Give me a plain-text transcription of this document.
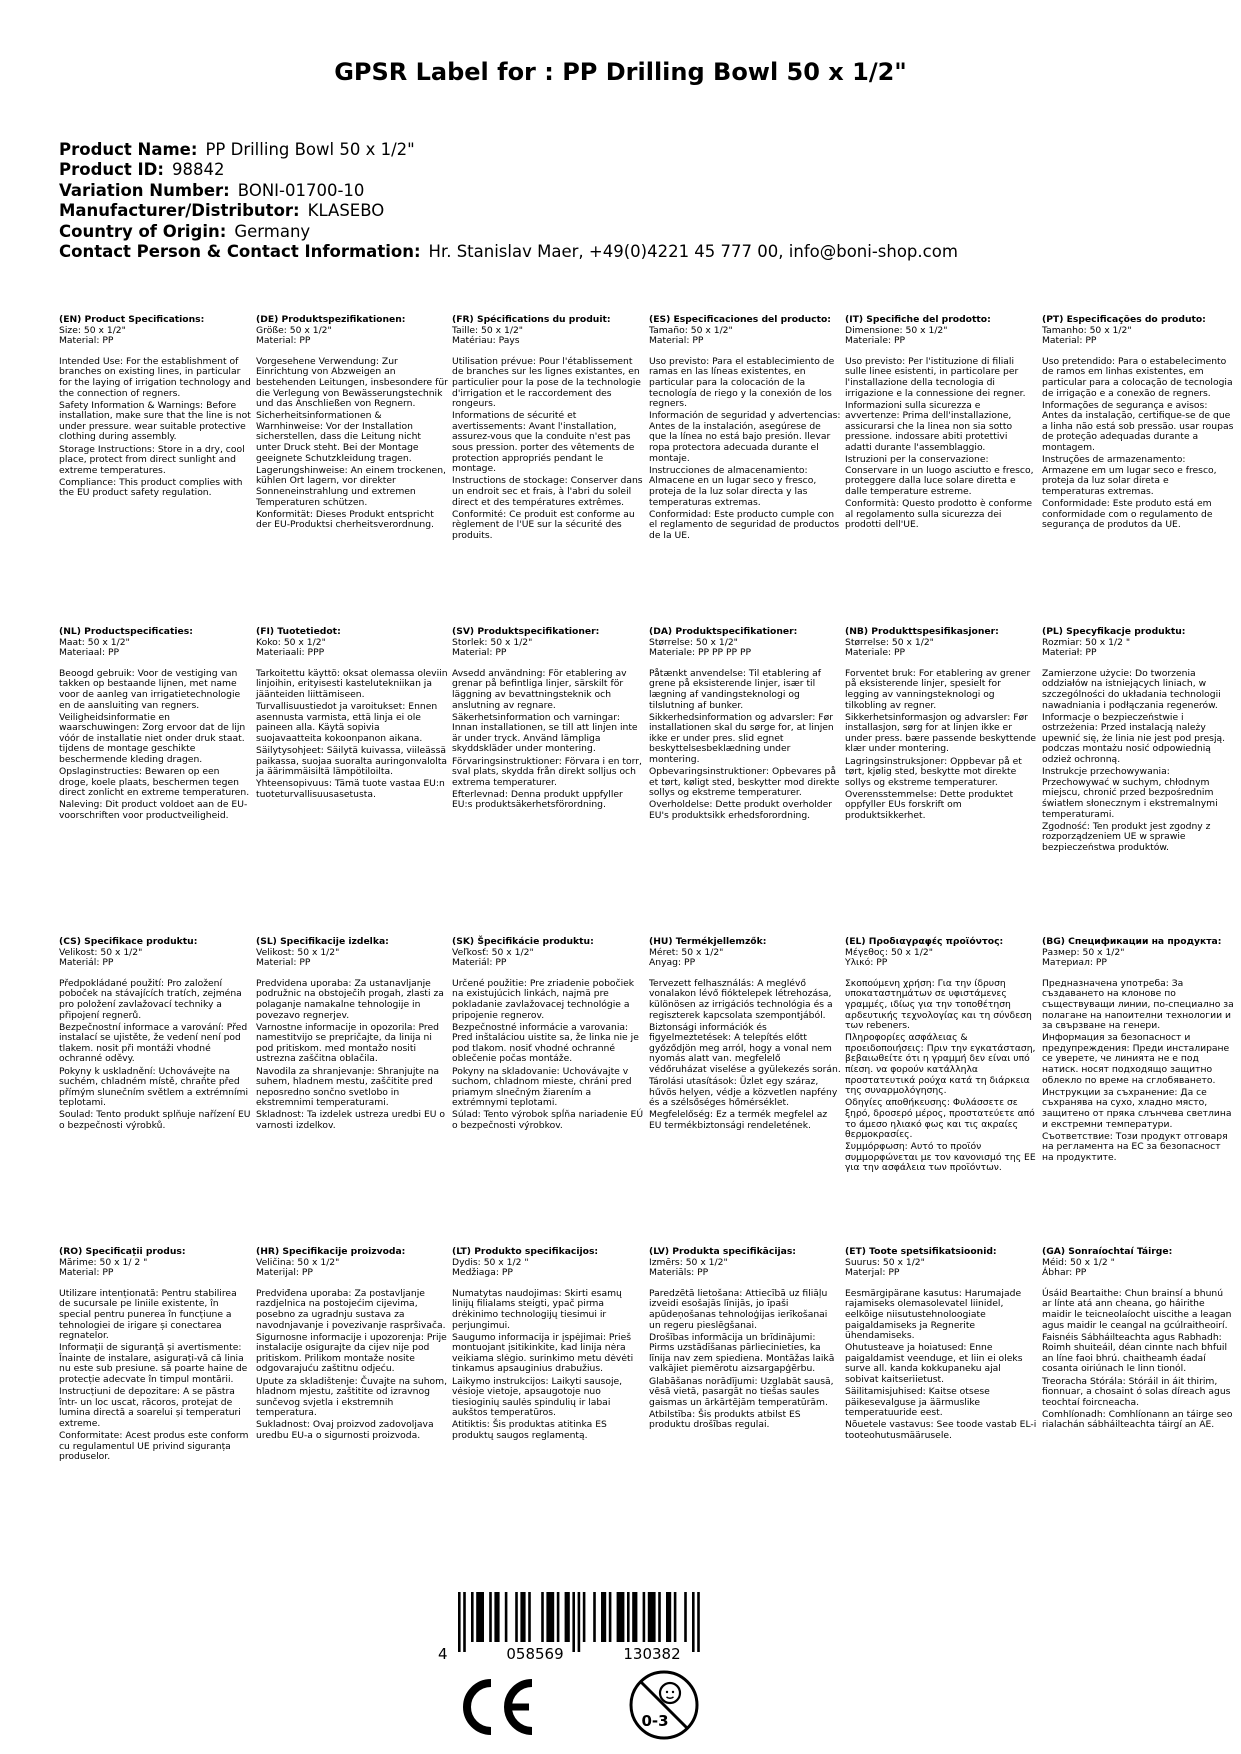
GPSR Label for : PP Drilling Bowl 50 x 1/2"
Product Name: PP Drilling Bowl 50 x 1/2"
Product ID: 98842
Variation Number: BONI-01700-10
Manufacturer/Distributor: KLASEBO
Country of Origin: Germany
Contact Person & Contact Information: Hr. Stanislav Maer, +49(0)4221 45 777 00, info@boni-shop.com
(EN) Product Specifications:
Size: 50 x 1/2"
Material: PP

Intended Use: For the establishment of branches on existing lines, in particular for the laying of irrigation technology and the connection of regners.

Safety Information & Warnings: Before installation, make sure that the line is not under pressure. wear suitable protective clothing during assembly.

Storage Instructions: Store in a dry, cool place, protect from direct sunlight and extreme temperatures.

Compliance: This product complies with the EU product safety regulation.

(DE) Produktspezifikationen:
Größe: 50 x 1/2"
Material: PP

Vorgesehene Verwendung: Zur Einrichtung von Abzweigen an bestehenden Leitungen, insbesondere für die Verlegung von Bewässerungstechnik und das Anschließen von Regnern.

Sicherheitsinformationen & Warnhinweise: Vor der Installation sicherstellen, dass die Leitung nicht unter Druck steht. Bei der Montage geeignete Schutzkleidung tragen.

Lagerungshinweise: An einem trockenen, kühlen Ort lagern, vor direkter Sonneneinstrahlung und extremen Temperaturen schützen.

Konformität: Dieses Produkt entspricht der EU-Produktsi cherheitsverordnung.

(FR) Spécifications du produit:
Taille: 50 x 1/2"
Matériau: Pays

Utilisation prévue: Pour l'établissement de branches sur les lignes existantes, en particulier pour la pose de la technologie d'irrigation et le raccordement des rongeurs.

Informations de sécurité et avertissements: Avant l'installation, assurez-vous que la conduite n'est pas sous pression. porter des vêtements de protection appropriés pendant le montage.

Instructions de stockage: Conserver dans un endroit sec et frais, à l'abri du soleil direct et des températures extrêmes.

Conformité: Ce produit est conforme au règlement de l'UE sur la sécurité des produits.

(ES) Especificaciones del producto:
Tamaño: 50 x 1/2"
Material: PP

Uso previsto: Para el establecimiento de ramas en las líneas existentes, en particular para la colocación de la tecnología de riego y la conexión de los regners.

Información de seguridad y advertencias: Antes de la instalación, asegúrese de que la línea no está bajo presión. llevar ropa protectora adecuada durante el montaje.

Instrucciones de almacenamiento: Almacene en un lugar seco y fresco, proteja de la luz solar directa y las temperaturas extremas.

Conformidad: Este producto cumple con el reglamento de seguridad de productos de la UE.

(IT) Specifiche del prodotto:
Dimensione: 50 x 1/2"
Materiale: PP

Uso previsto: Per l'istituzione di filiali sulle linee esistenti, in particolare per l'installazione della tecnologia di irrigazione e la connessione dei regner.

Informazioni sulla sicurezza e avvertenze: Prima dell'installazione, assicurarsi che la linea non sia sotto pressione. indossare abiti protettivi adatti durante l'assemblaggio.

Istruzioni per la conservazione: Conservare in un luogo asciutto e fresco, proteggere dalla luce solare diretta e dalle temperature estreme.

Conformità: Questo prodotto è conforme al regolamento sulla sicurezza dei prodotti dell'UE.

(PT) Especificações do produto:
Tamanho: 50 x 1/2"
Material: PP

Uso pretendido: Para o estabelecimento de ramos em linhas existentes, em particular para a colocação de tecnologia de irrigação e a conexão de regners.

Informações de segurança e avisos: Antes da instalação, certifique-se de que a linha não está sob pressão. usar roupas de proteção adequadas durante a montagem.

Instruções de armazenamento: Armazene em um lugar seco e fresco, proteja da luz solar direta e temperaturas extremas.

Conformidade: Este produto está em conformidade com o regulamento de segurança de produtos da UE.

(NL) Productspecificaties:
Maat: 50 x 1/2"
Materiaal: PP

Beoogd gebruik: Voor de vestiging van takken op bestaande lijnen, met name voor de aanleg van irrigatietechnologie en de aansluiting van regners.

Veiligheidsinformatie en waarschuwingen: Zorg ervoor dat de lijn vóór de installatie niet onder druk staat. tijdens de montage geschikte beschermende kleding dragen.

Opslaginstructies: Bewaren op een droge, koele plaats, beschermen tegen direct zonlicht en extreme temperaturen.

Naleving: Dit product voldoet aan de EU-voorschriften voor productveiligheid.

(FI) Tuotetiedot:
Koko: 50 x 1/2"
Materiaali: PPP

Tarkoitettu käyttö: oksat olemassa oleviin linjoihin, erityisesti kastelutekniikan ja jäänteiden liittämiseen.

Turvallisuustiedot ja varoitukset: Ennen asennusta varmista, että linja ei ole paineen alla. Käytä sopivia suojavaatteita kokoonpanon aikana.

Säilytysohjeet: Säilytä kuivassa, viileässä paikassa, suojaa suoralta auringonvalolta ja äärimmäisiltä lämpötiloilta.

Yhteensopivuus: Tämä tuote vastaa EU:n tuoteturvallisuusasetusta.

(SV) Produktspecifikationer:
Storlek: 50 x 1/2"
Material: PP

Avsedd användning: För etablering av grenar på befintliga linjer, särskilt för läggning av bevattningsteknik och anslutning av regnare.

Säkerhetsinformation och varningar: Innan installationen, se till att linjen inte är under tryck. Använd lämpliga skyddskläder under montering.

Förvaringsinstruktioner: Förvara i en torr, sval plats, skydda från direkt solljus och extrema temperaturer.

Efterlevnad: Denna produkt uppfyller EU:s produktsäkerhetsförordning.

(DA) Produktspecifikationer:
Størrelse: 50 x 1/2"
Materiale: PP PP PP PP

Påtænkt anvendelse: Til etablering af grene på eksisterende linjer, især til lægning af vandingsteknologi og tilslutning af bunker.

Sikkerhedsinformation og advarsler: Før installationen skal du sørge for, at linjen ikke er under pres. slid egnet beskyttelsesbeklædning under montering.

Opbevaringsinstruktioner: Opbevares på et tørt, køligt sted, beskytter mod direkte sollys og ekstreme temperaturer.

Overholdelse: Dette produkt overholder EU's produktsikk erhedsforordning.

(NB) Produkttspesifikasjoner:
Størrelse: 50 x 1/2"
Materiale: PP

Forventet bruk: For etablering av grener på eksisterende linjer, spesielt for legging av vanningsteknologi og tilkobling av regner.

Sikkerhetsinformasjon og advarsler: Før installasjon, sørg for at linjen ikke er under press. bære passende beskyttende klær under montering.

Lagringsinstruksjoner: Oppbevar på et tørt, kjølig sted, beskytte mot direkte sollys og ekstreme temperaturer.

Overensstemmelse: Dette produktet oppfyller EUs forskrift om produktsikkerhet.

(PL) Specyfikacje produktu:
Rozmiar: 50 x 1/2 "
Materiał: PP

Zamierzone użycie: Do tworzenia oddziałów na istniejących liniach, w szczególności do układania technologii nawadniania i podłączania regenerów.

Informacje o bezpieczeństwie i ostrzeżenia: Przed instalacją należy upewnić się, że linia nie jest pod presją. podczas montażu nosić odpowiednią odzież ochronną.

Instrukcje przechowywania: Przechowywać w suchym, chłodnym miejscu, chronić przed bezpośrednim światłem słonecznym i ekstremalnymi temperaturami.

Zgodność: Ten produkt jest zgodny z rozporządzeniem UE w sprawie bezpieczeństwa produktów.

(CS) Specifikace produktu:
Velikost: 50 x 1/2"
Materiál: PP

Předpokládané použití: Pro založení poboček na stávajících tratích, zejména pro položení zavlažovací techniky a připojení regnerů.

Bezpečnostní informace a varování: Před instalací se ujistěte, že vedení není pod tlakem. nosit při montáži vhodné ochranné oděvy.

Pokyny k uskladnění: Uchovávejte na suchém, chladném místě, chraňte před přímým slunečním světlem a extrémními teplotami.

Soulad: Tento produkt splňuje nařízení EU o bezpečnosti výrobků.

(SL) Specifikacije izdelka:
Velikost: 50 x 1/2"
Material: PP

Predvidena uporaba: Za ustanavljanje podružnic na obstoječih progah, zlasti za polaganje namakalne tehnologije in povezavo regnerjev.

Varnostne informacije in opozorila: Pred namestitvijo se prepričajte, da linija ni pod pritiskom. med montažo nositi ustrezna zaščitna oblačila.

Navodila za shranjevanje: Shranjujte na suhem, hladnem mestu, zaščitite pred neposredno sončno svetlobo in ekstremnimi temperaturami.

Skladnost: Ta izdelek ustreza uredbi EU o varnosti izdelkov.

(SK) Špecifikácie produktu:
Veľkosť: 50 x 1/2"
Materiál: PP

Určené použitie: Pre zriadenie pobočiek na existujúcich linkách, najmä pre pokladanie zavlažovacej technológie a pripojenie regnerov.

Bezpečnostné informácie a varovania: Pred inštaláciou uistite sa, že linka nie je pod tlakom. nosiť vhodné ochranné oblečenie počas montáže.

Pokyny na skladovanie: Uchovávajte v suchom, chladnom mieste, chráni pred priamym slnečným žiarením a extrémnymi teplotami.

Súlad: Tento výrobok spĺňa nariadenie EÚ o bezpečnosti výrobkov.

(HU) Termékjellemzők:
Méret: 50 x 1/2"
Anyag: PP

Tervezett felhasználás: A meglévő vonalakon lévő fióktelepek létrehozása, különösen az irrigációs technológia és a regiszterek kapcsolata szempontjából.

Biztonsági információk és figyelmeztetések: A telepítés előtt győződjön meg arról, hogy a vonal nem nyomás alatt van. megfelelő védőruházat viselése a gyülekezés során.

Tárolási utasítások: Üzlet egy száraz, hűvös helyen, védje a közvetlen napfény és a szélsőséges hőmérséklet.

Megfelelőség: Ez a termék megfelel az EU termékbiztonsági rendeletének.

(EL) Προδιαγραφές προϊόντος:
Μέγεθος: 50 x 1/2"
Υλικό: PP

Σκοπούμενη χρήση: Για την ίδρυση υποκαταστημάτων σε υφιστάμενες γραμμές, ιδίως για την τοποθέτηση αρδευτικής τεχνολογίας και τη σύνδεση των rebeners.

Πληροφορίες ασφάλειας & προειδοποιήσεις: Πριν την εγκατάσταση, βεβαιωθείτε ότι η γραμμή δεν είναι υπό πίεση. να φορούν κατάλληλα προστατευτικά ρούχα κατά τη διάρκεια της συναρμολόγησης.

Οδηγίες αποθήκευσης: Φυλάσσετε σε ξηρό, δροσερό μέρος, προστατεύετε από το άμεσο ηλιακό φως και τις ακραίες θερμοκρασίες.

Συμμόρφωση: Αυτό το προϊόν συμμορφώνεται με τον κανονισμό της ΕΕ για την ασφάλεια των προϊόντων.

(BG) Спецификации на продукта:
Размер: 50 x 1/2"
Материал: PP

Предназначена употреба: За създаването на клонове по съществуващи линии, по-специално за полагане на напоителни технологии и за свързване на генери.

Информация за безопасност и предупреждения: Преди инсталиране се уверете, че линията не е под натиск. носят подходящо защитно облекло по време на сглобяването.

Инструкции за съхранение: Да се съхранява на сухо, хладно място, защитено от пряка слънчева светлина и екстремни температури.

Съответствие: Този продукт отговаря на регламента на ЕС за безопасност на продуктите.

(RO) Specificații produs:
Mărime: 50 x 1/ 2 "
Material: PP

Utilizare intenționată: Pentru stabilirea de sucursale pe liniile existente, în special pentru punerea în funcțiune a tehnologiei de irigare și conectarea regnatelor.

Informații de siguranță și avertismente: Înainte de instalare, asigurați-vă că linia nu este sub presiune. să poarte haine de protecție adecvate în timpul montării.

Instrucțiuni de depozitare: A se păstra într- un loc uscat, răcoros, protejat de lumina directă a soarelui și temperaturi extreme.

Conformitate: Acest produs este conform cu regulamentul UE privind siguranța produselor.

(HR) Specifikacije proizvoda:
Veličina: 50 x 1/2"
Materijal: PP

Predviđena uporaba: Za postavljanje razdjelnica na postojećim cijevima, posebno za ugradnju sustava za navodnjavanje i povezivanje raspršivača.

Sigurnosne informacije i upozorenja: Prije instalacije osigurajte da cijev nije pod pritiskom. Prilikom montaže nosite odgovarajuću zaštitnu odjeću.

Upute za skladištenje: Čuvajte na suhom, hladnom mjestu, zaštitite od izravnog sunčevog svjetla i ekstremnih temperatura.

Sukladnost: Ovaj proizvod zadovoljava uredbu EU-a o sigurnosti proizvoda.

(LT) Produkto specifikacijos:
Dydis: 50 x 1/2 "
Medžiaga: PP

Numatytas naudojimas: Skirti esamų linijų filialams steigti, ypač pirma drėkinimo technologijų tiesimui ir perjungimui.

Saugumo informacija ir įspėjimai: Prieš montuojant įsitikinkite, kad linija nėra veikiama slėgio. surinkimo metu dėvėti tinkamus apsauginius drabužius.

Laikymo instrukcijos: Laikyti sausoje, vėsioje vietoje, apsaugotoje nuo tiesioginių saulės spindulių ir labai aukštos temperatūros.

Atitiktis: Šis produktas atitinka ES produktų saugos reglamentą.

(LV) Produkta specifikācijas:
Izmērs: 50 x 1/2"
Materiāls: PP

Paredzētā lietošana: Attiecībā uz filiāļu izveidi esošajās līnijās, jo īpaši apūdeņošanas tehnoloģijas ierīkošanai un regeru pieslēgšanai.

Drošības informācija un brīdinājumi: Pirms uzstādīšanas pārliecinieties, ka līnija nav zem spiediena. Montāžas laikā valkājiet piemērotu aizsargapģērbu.

Glabāšanas norādījumi: Uzglabāt sausā, vēsā vietā, pasargāt no tiešas saules gaismas un ārkārtējām temperatūrām.

Atbilstība: Šis produkts atbilst ES produktu drošības regulai.

(ET) Toote spetsifikatsioonid:
Suurus: 50 x 1/2"
Materjal: PP

Eesmärgipärane kasutus: Harumajade rajamiseks olemasolevatel liinidel, eelkõige niisutustehnoloogiate paigaldamiseks ja Regnerite ühendamiseks.

Ohutusteave ja hoiatused: Enne paigaldamist veenduge, et liin ei oleks surve all. kanda kokkupaneku ajal sobivat kaitseriietust.

Säilitamisjuhised: Kaitse otsese päikesevalguse ja äärmuslike temperatuuride eest.

Nõuetele vastavus: See toode vastab EL-i tooteohutusmäärusele.

(GA) Sonraíochtaí Táirge:
Méid: 50 x 1/2 "
Ábhar: PP

Úsáid Beartaithe: Chun brainsí a bhunú ar línte atá ann cheana, go háirithe maidir le teicneolaíocht uiscithe a leagan agus maidir le ceangal na gcúlraitheoirí.

Faisnéis Sábháilteachta agus Rabhadh: Roimh shuiteáil, déan cinnte nach bhfuil an líne faoi bhrú. chaitheamh éadaí cosanta oiriúnach le linn tionól.

Treoracha Stórála: Stóráil in áit thirim, fionnuar, a chosaint ó solas díreach agus teochtaí foircneacha.

Comhlíonadh: Comhlíonann an táirge seo rialachán sábháilteachta táirgí an AE.

4	058569	130382
0-3
